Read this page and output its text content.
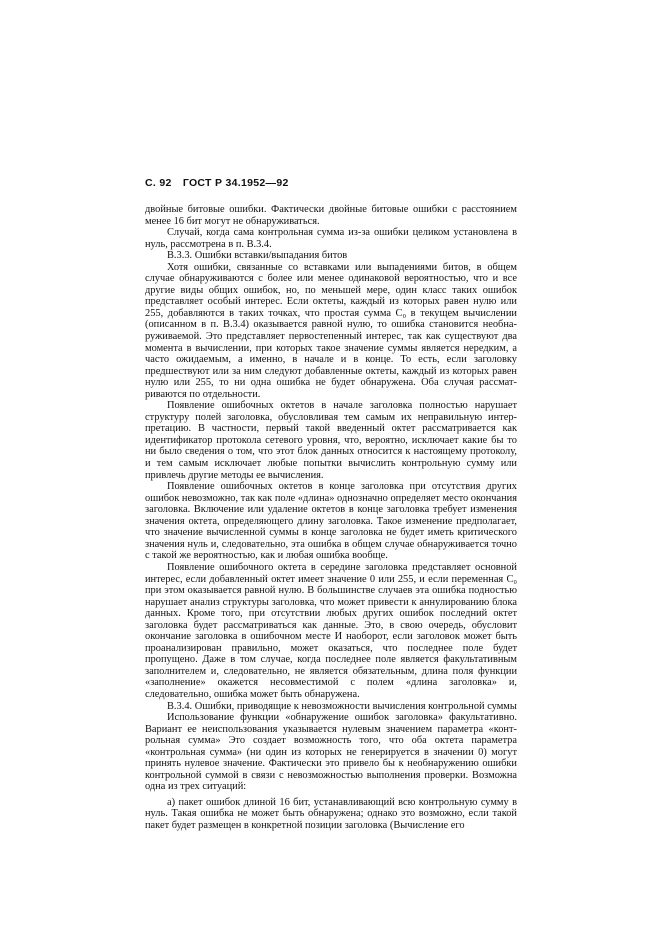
С. 92 ГОСТ Р 34.1952—92

двойные битовые ошибки. Фактически двойные битовые ошибки с расстоянием менее 16 бит могут не обнаруживаться.

Случай, когда сама контрольная сумма из-за ошибки целиком установлена в нуль, рассмотрена в п. В.3.4.

В.3.3. Ошибки вставки/выпадания битов

Хотя ошибки, связанные со вставками или выпадениями битов, в общем случае обнаруживаются с более или менее одинаковой вероятностью, что и все другие виды общих ошибок, но, по меньшей мере, один класс таких ошибок представляет особый интерес. Если октеты, каждый из которых равен нулю или 255, добавляются в таких точках, что простая сумма C₀ в текущем вычислении (описанном в п. В.3.4) оказывается равной нулю, то ошибка становится необнаруживаемой. Это представляет первостепенный интерес, так как существуют два момента в вычислении, при которых такое значение суммы является нередким, а часто ожидаемым, а именно, в начале и в конце. То есть, если заголовку предшествуют или за ним следуют добавленные октеты, каждый из которых равен нулю или 255, то ни одна ошибка не будет обнаружена. Оба случая рассматриваются по отдельности.

Появление ошибочных октетов в начале заголовка полностью нарушает структуру полей заголовка, обусловливая тем самым их неправильную интерпретацию. В частности, первый такой введенный октет рассматривается как идентификатор протокола сетевого уровня, что, вероятно, исключает какие бы то ни было сведения о том, что этот блок данных относится к настоящему протоколу, и тем самым исключает любые попытки вычислить контрольную сумму или привлечь другие методы ее вычисления.

Появление ошибочных октетов в конце заголовка при отсутствия других ошибок невозможно, так как поле «длина» однозначно определяет место окончания заголовка. Включение или удаление октетов в конце заголовка требует изменения значения октета, определяющего длину заголовка. Такое изменение предполагает, что значение вычисленной суммы в конце заголовка не будет иметь критического значения нуль и, следовательно, эта ошибка в общем случае обнаруживается точно с такой же вероятностью, как и любая ошибка вообще.

Появление ошибочного октета в середине заголовка представляет основной интерес, если добавленный октет имеет значение 0 или 255, и если переменная C₀ при этом оказывается равной нулю. В большинстве случаев эта ошибка подностью нарушает анализ структуры заголовка, что может привести к аннулированию блока данных. Кроме того, при отсутствии любых других ошибок последний октет заголовка будет рассматриваться как данные. Это, в свою очередь, обусловит окончание заголовка в ошибочном месте И наоборот, если заголовок может быть проанализирован правильно, может оказаться, что последнее поле будет пропущено. Даже в том случае, когда последнее поле является факультативным заполнителем и, следовательно, не является обязательным, длина поля функции «заполнение» окажется несовместимой с полем «длина заголовка» и, следовательно, ошибка может быть обнаружена.

В.3.4. Ошибки, приводящие к невозможности вычисления контрольной суммы

Использование функции «обнаружение ошибок заголовка» факультативно. Вариант ее неиспользования указывается нулевым значением параметра «контрольная сумма» Это создает возможность того, что оба октета параметра «контрольная сумма» (ни один из которых не генерируется в значении 0) могут принять нулевое значение. Фактически это привело бы к необнаружению ошибки контрольной суммой в связи с невозможностью выполнения проверки. Возможна одна из трех ситуаций:

а) пакет ошибок длиной 16 бит, устанавливающий всю контрольную сумму в нуль. Такая ошибка не может быть обнаружена; однако это возможно, если такой пакет будет размещен в конкретной позиции заголовка (Вычисление его
